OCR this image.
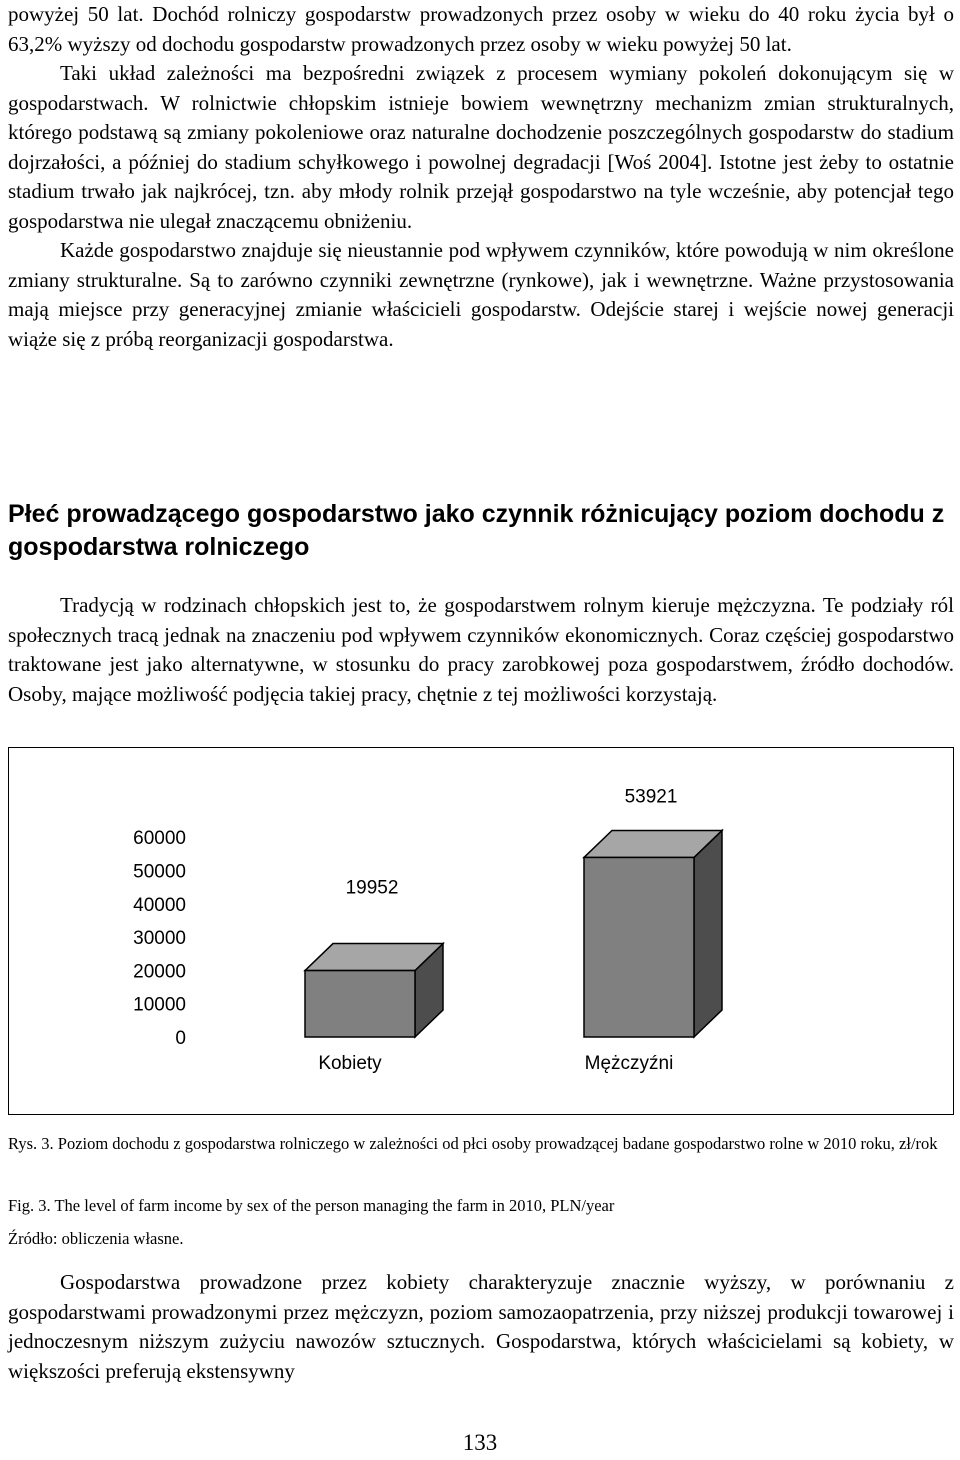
powyżej 50 lat. Dochód rolniczy gospodarstw prowadzonych przez osoby w wieku do 40 roku życia był o 63,2% wyższy od dochodu gospodarstw prowadzonych przez osoby w wieku powyżej 50 lat.

Taki układ zależności ma bezpośredni związek z procesem wymiany pokoleń dokonującym się w gospodarstwach. W rolnictwie chłopskim istnieje bowiem wewnętrzny mechanizm zmian strukturalnych, którego podstawą są zmiany pokoleniowe oraz naturalne dochodzenie poszczególnych gospodarstw do stadium dojrzałości, a później do stadium schyłkowego i powolnej degradacji [Woś 2004]. Istotne jest żeby to ostatnie stadium trwało jak najkrócej, tzn. aby młody rolnik przejął gospodarstwo na tyle wcześnie, aby potencjał tego gospodarstwa nie ulegał znaczącemu obniżeniu.

Każde gospodarstwo znajduje się nieustannie pod wpływem czynników, które powodują w nim określone zmiany strukturalne. Są to zarówno czynniki zewnętrzne (rynkowe), jak i wewnętrzne. Ważne przystosowania mają miejsce przy generacyjnej zmianie właścicieli gospodarstw. Odejście starej i wejście nowej generacji wiąże się z próbą reorganizacji gospodarstwa.

Płeć prowadzącego gospodarstwo jako czynnik różnicujący poziom dochodu z gospodarstwa rolniczego

Tradycją w rodzinach chłopskich jest to, że gospodarstwem rolnym kieruje mężczyzna. Te podziały ról społecznych tracą jednak na znaczeniu pod wpływem czynników ekonomicznych. Coraz częściej gospodarstwo traktowane jest jako alternatywne, w stosunku do pracy zarobkowej poza gospodarstwem, źródło dochodów. Osoby, mające możliwość podjęcia takiej pracy, chętnie z tej możliwości korzystają.

0
10000
20000
30000
40000
50000
60000
19952
Kobiety
53921
Mężczyźni
Rys. 3. Poziom dochodu z gospodarstwa rolniczego w zależności od płci osoby prowadzącej badane gospodarstwo rolne w 2010 roku, zł/rok
Fig. 3. The level of farm income by sex of the person managing the farm in 2010, PLN/year
Źródło: obliczenia własne.

Gospodarstwa prowadzone przez kobiety charakteryzuje znacznie wyższy, w porównaniu z gospodarstwami prowadzonymi przez mężczyzn, poziom samozaopatrzenia, przy niższej produkcji towarowej i jednoczesnym niższym zużyciu nawozów sztucznych. Gospodarstwa, których właścicielami są kobiety, w większości preferują ekstensywny

133
